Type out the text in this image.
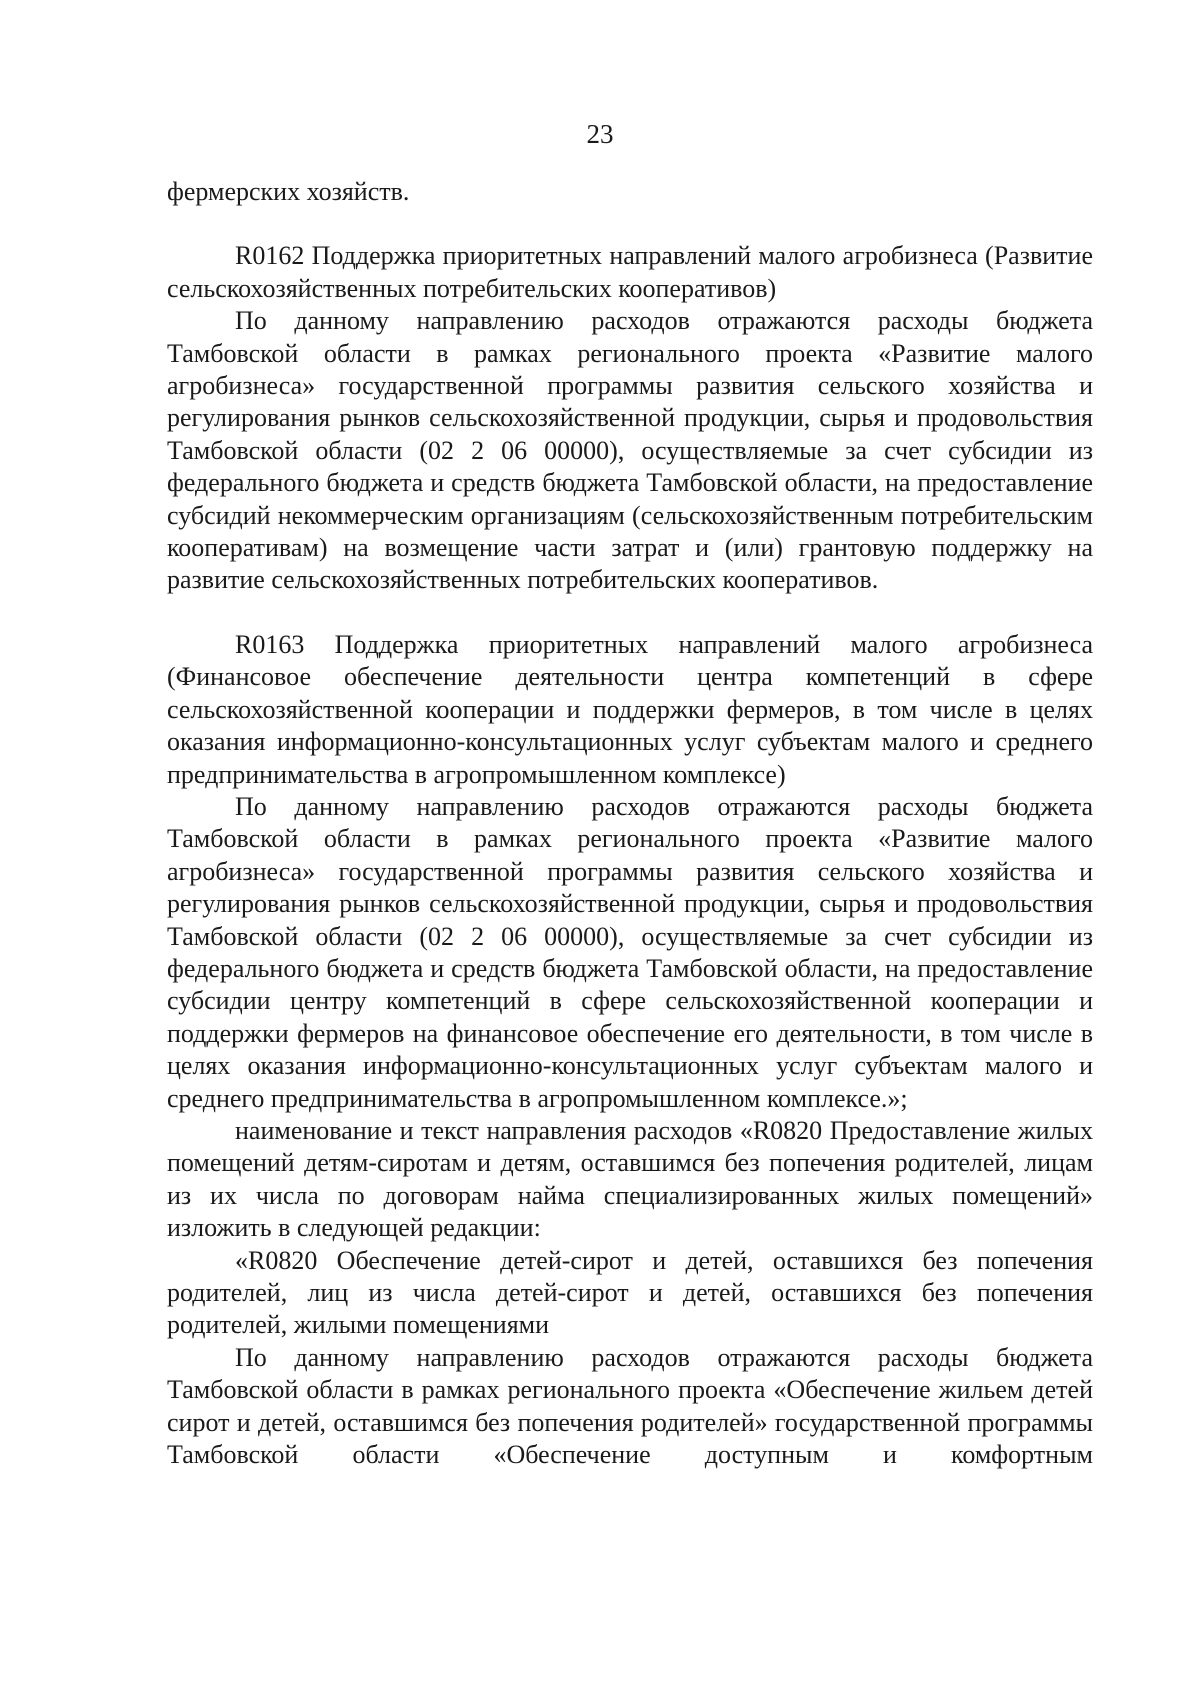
23

фермерских хозяйств.

R0162 Поддержка приоритетных направлений малого агробизнеса (Развитие сельскохозяйственных потребительских кооперативов)

По данному направлению расходов отражаются расходы бюджета Тамбовской области в рамках регионального проекта «Развитие малого агробизнеса» государственной программы развития сельского хозяйства и регулирования рынков сельскохозяйственной продукции, сырья и продовольствия Тамбовской области (02 2 06 00000), осуществляемые за счет субсидии из федерального бюджета и средств бюджета Тамбовской области, на предоставление субсидий некоммерческим организациям (сельскохозяйственным потребительским кооперативам) на возмещение части затрат и (или) грантовую поддержку на развитие сельскохозяйственных потребительских кооперативов.

R0163 Поддержка приоритетных направлений малого агробизнеса (Финансовое обеспечение деятельности центра компетенций в сфере сельскохозяйственной кооперации и поддержки фермеров, в том числе в целях оказания информационно-консультационных услуг субъектам малого и среднего предпринимательства в агропромышленном комплексе)

По данному направлению расходов отражаются расходы бюджета Тамбовской области в рамках регионального проекта «Развитие малого агробизнеса» государственной программы развития сельского хозяйства и регулирования рынков сельскохозяйственной продукции, сырья и продовольствия Тамбовской области (02 2 06 00000), осуществляемые за счет субсидии из федерального бюджета и средств бюджета Тамбовской области, на предоставление субсидии центру компетенций в сфере сельскохозяйственной кооперации и поддержки фермеров на финансовое обеспечение его деятельности, в том числе в целях оказания информационно-консультационных услуг субъектам малого и среднего предпринимательства в агропромышленном комплексе.»;

наименование и текст направления расходов «R0820 Предоставление жилых помещений детям-сиротам и детям, оставшимся без попечения родителей, лицам из их числа по договорам найма специализированных жилых помещений» изложить в следующей редакции:

«R0820 Обеспечение детей-сирот и детей, оставшихся без попечения родителей, лиц из числа детей-сирот и детей, оставшихся без попечения родителей, жилыми помещениями

По данному направлению расходов отражаются расходы бюджета Тамбовской области в рамках регионального проекта «Обеспечение жильем детей сирот и детей, оставшимся без попечения родителей» государственной программы Тамбовской области «Обеспечение доступным и комфортным
